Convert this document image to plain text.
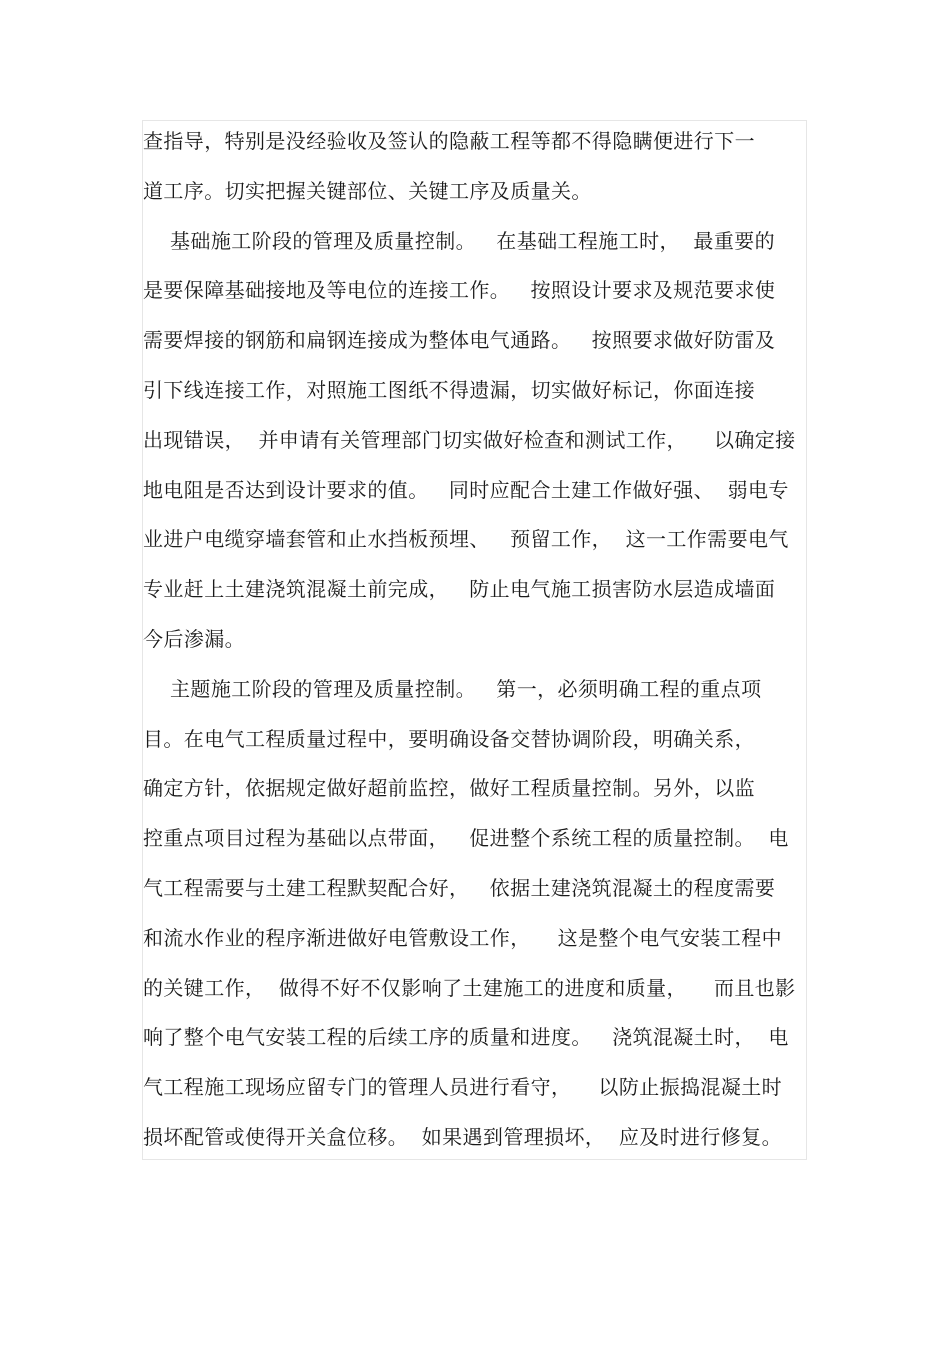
查指导，特别是没经验收及签认的隐蔽工程等都不得隐瞒便进行下一
道工序。切实把握关键部位、关键工序及质量关。
基础施工阶段的管理及质量控制。   在基础工程施工时，  最重要的
是要保障基础接地及等电位的连接工作。   按照设计要求及规范要求使
需要焊接的钢筋和扁钢连接成为整体电气通路。   按照要求做好防雷及
引下线连接工作，对照施工图纸不得遗漏，切实做好标记，你面连接
出现错误，  并申请有关管理部门切实做好检查和测试工作，    以确定接
地电阻是否达到设计要求的值。   同时应配合土建工作做好强、  弱电专
业进户电缆穿墙套管和止水挡板预埋、   预留工作，  这一工作需要电气
专业赶上土建浇筑混凝土前完成，   防止电气施工损害防水层造成墙面
今后渗漏。
主题施工阶段的管理及质量控制。   第一，必须明确工程的重点项
目。在电气工程质量过程中，要明确设备交替协调阶段，明确关系，
确定方针，依据规定做好超前监控，做好工程质量控制。另外，以监
控重点项目过程为基础以点带面，   促进整个系统工程的质量控制。  电
气工程需要与土建工程默契配合好，   依据土建浇筑混凝土的程度需要
和流水作业的程序渐进做好电管敷设工作，    这是整个电气安装工程中
的关键工作，  做得不好不仅影响了土建施工的进度和质量，    而且也影
响了整个电气安装工程的后续工序的质量和进度。   浇筑混凝土时，  电
气工程施工现场应留专门的管理人员进行看守，    以防止振捣混凝土时
损坏配管或使得开关盒位移。  如果遇到管理损坏，  应及时进行修复。
